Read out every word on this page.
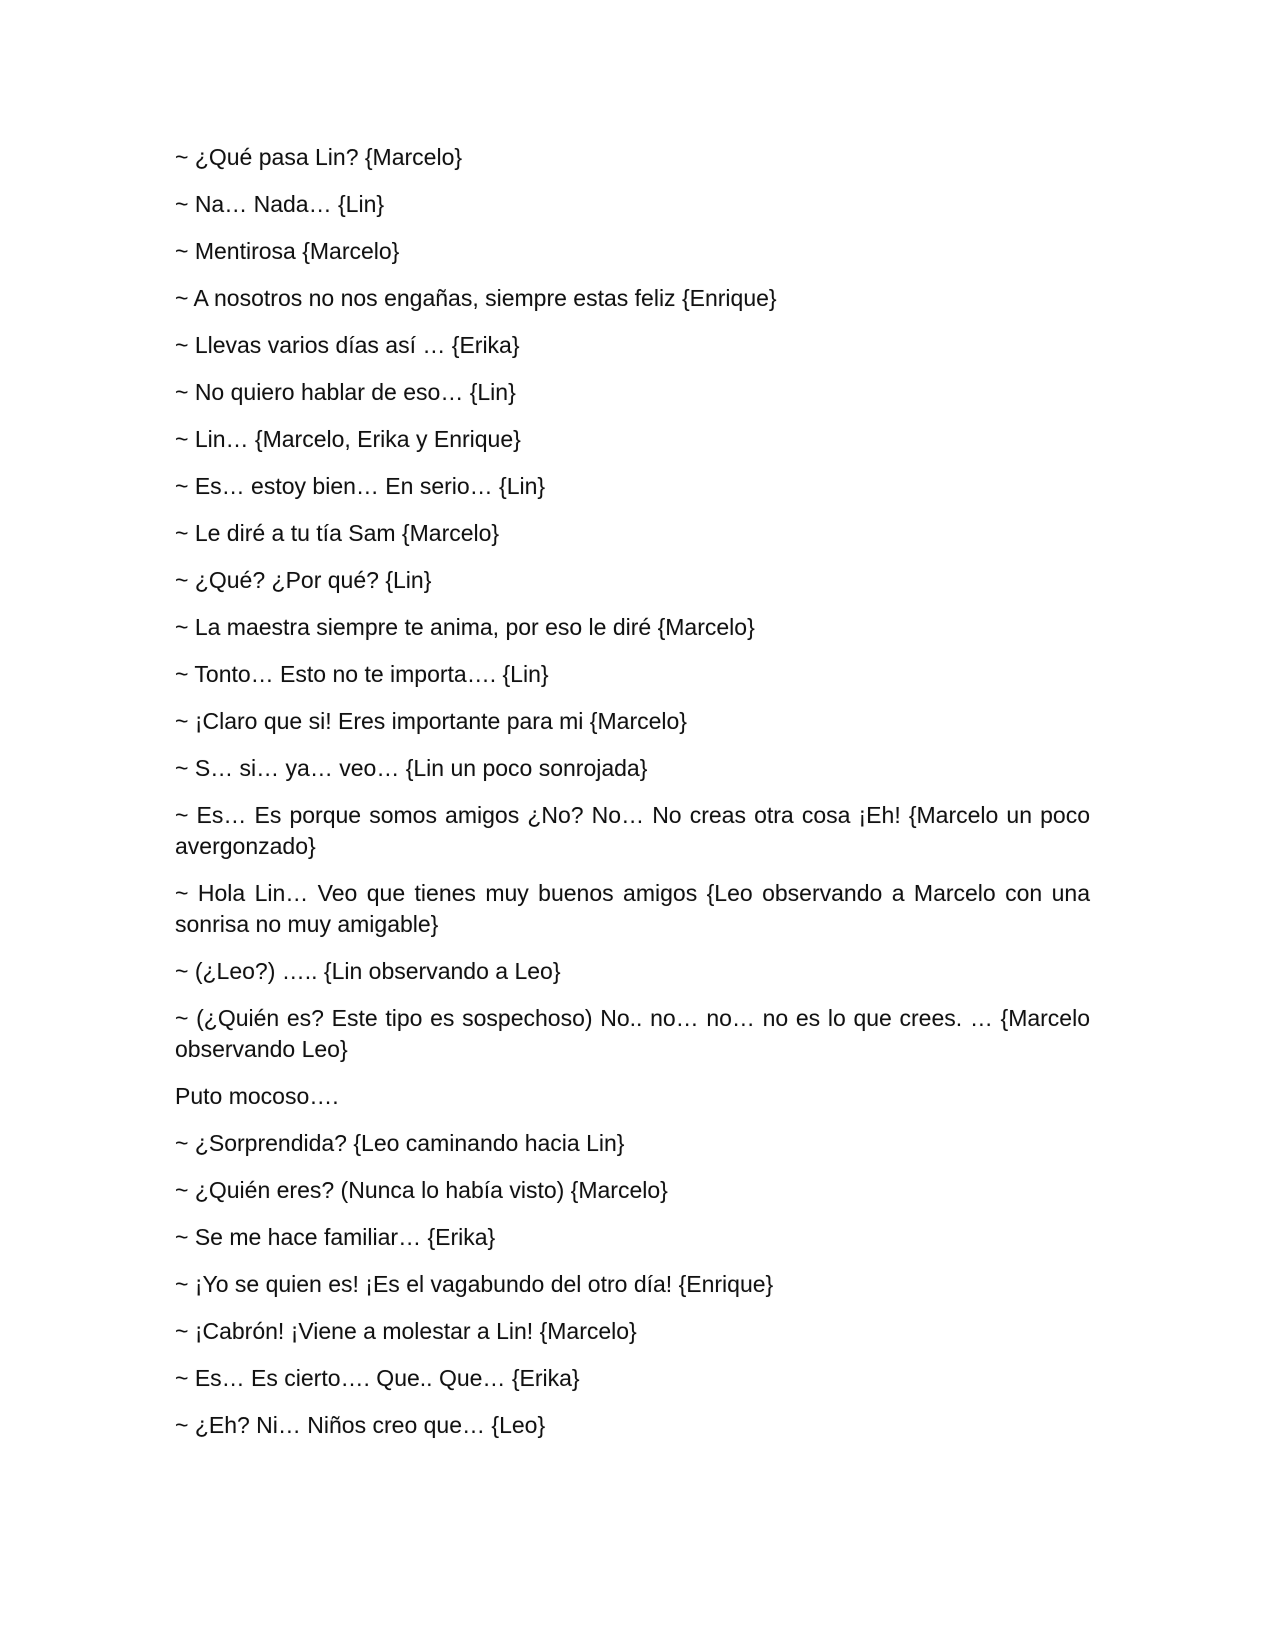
~ ¿Qué pasa Lin? {Marcelo}

~ Na… Nada… {Lin}

~ Mentirosa {Marcelo}

~ A nosotros no nos engañas, siempre estas feliz {Enrique}

~ Llevas varios días así … {Erika}

~ No quiero hablar de eso… {Lin}

~ Lin… {Marcelo, Erika y Enrique}

~ Es… estoy bien… En serio… {Lin}

~ Le diré a tu tía Sam {Marcelo}

~ ¿Qué? ¿Por qué? {Lin}

~ La maestra siempre te anima, por eso le diré {Marcelo}

~ Tonto… Esto no te importa…. {Lin}

~ ¡Claro que si! Eres importante para mi {Marcelo}

~ S… si… ya… veo… {Lin un poco sonrojada}

~ Es… Es porque somos amigos ¿No? No… No creas otra cosa ¡Eh! {Marcelo un poco avergonzado}

~ Hola Lin… Veo que tienes muy buenos amigos {Leo observando a Marcelo con una sonrisa no muy amigable}

~ (¿Leo?) ….. {Lin observando a Leo}

~ (¿Quién es? Este tipo es sospechoso) No.. no… no… no es lo que crees. … {Marcelo observando Leo}

Puto mocoso….

~ ¿Sorprendida? {Leo caminando hacia Lin}

~ ¿Quién eres? (Nunca lo había visto) {Marcelo}

~ Se me hace familiar… {Erika}

~ ¡Yo se quien es! ¡Es el vagabundo del otro día! {Enrique}

~ ¡Cabrón! ¡Viene a molestar a Lin! {Marcelo}

~ Es… Es cierto…. Que.. Que… {Erika}

~ ¿Eh? Ni… Niños creo que… {Leo}
